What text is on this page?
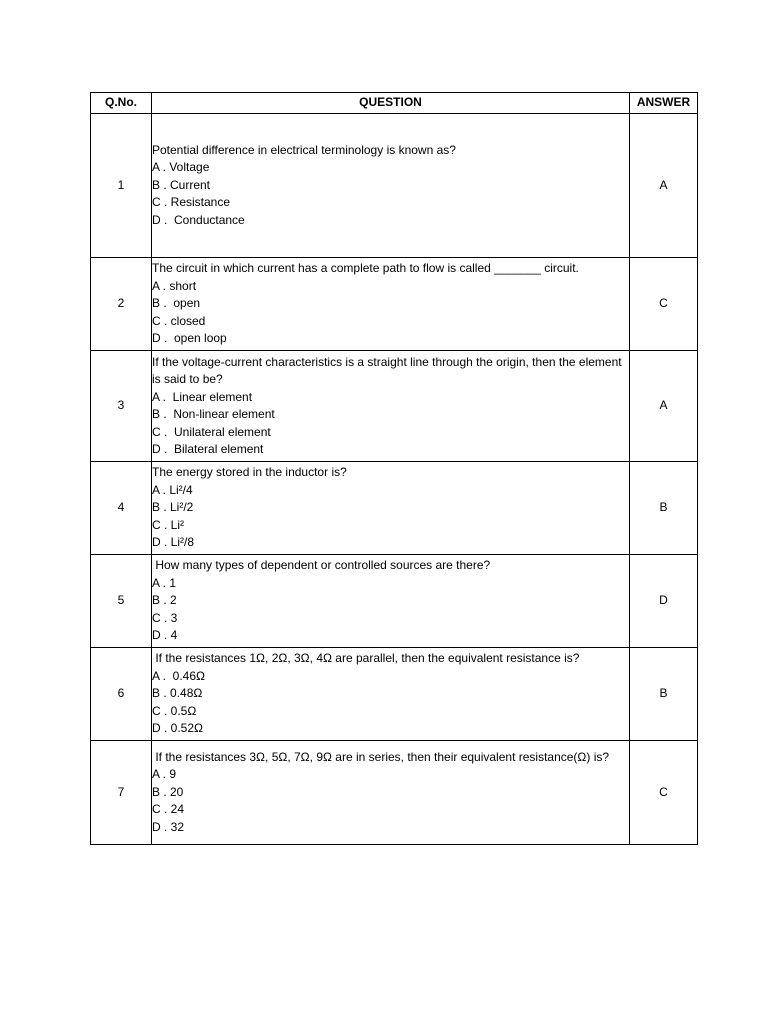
Q.No.	QUESTION	ANSWER
1	Potential difference in electrical terminology is known as?
A . Voltage
B . Current
C . Resistance
D .  Conductance	A
2	The circuit in which current has a complete path to flow is called _______ circuit.
A . short
B .  open
C . closed
D .  open loop	C
3	If the voltage-current characteristics is a straight line through the origin, then the element is said to be?
A .  Linear element
B .  Non-linear element
C .  Unilateral element
D .  Bilateral element	A
4	The energy stored in the inductor is?
A . Li²/4
B . Li²/2
C . Li²
D . Li²/8	B
5	How many types of dependent or controlled sources are there?
A . 1
B . 2
C . 3
D . 4	D
6	If the resistances 1Ω, 2Ω, 3Ω, 4Ω are parallel, then the equivalent resistance is?
A .  0.46Ω
B . 0.48Ω
C . 0.5Ω
D . 0.52Ω	B
7	If the resistances 3Ω, 5Ω, 7Ω, 9Ω are in series, then their equivalent resistance(Ω) is?
A . 9
B . 20
C . 24
D . 32	C
